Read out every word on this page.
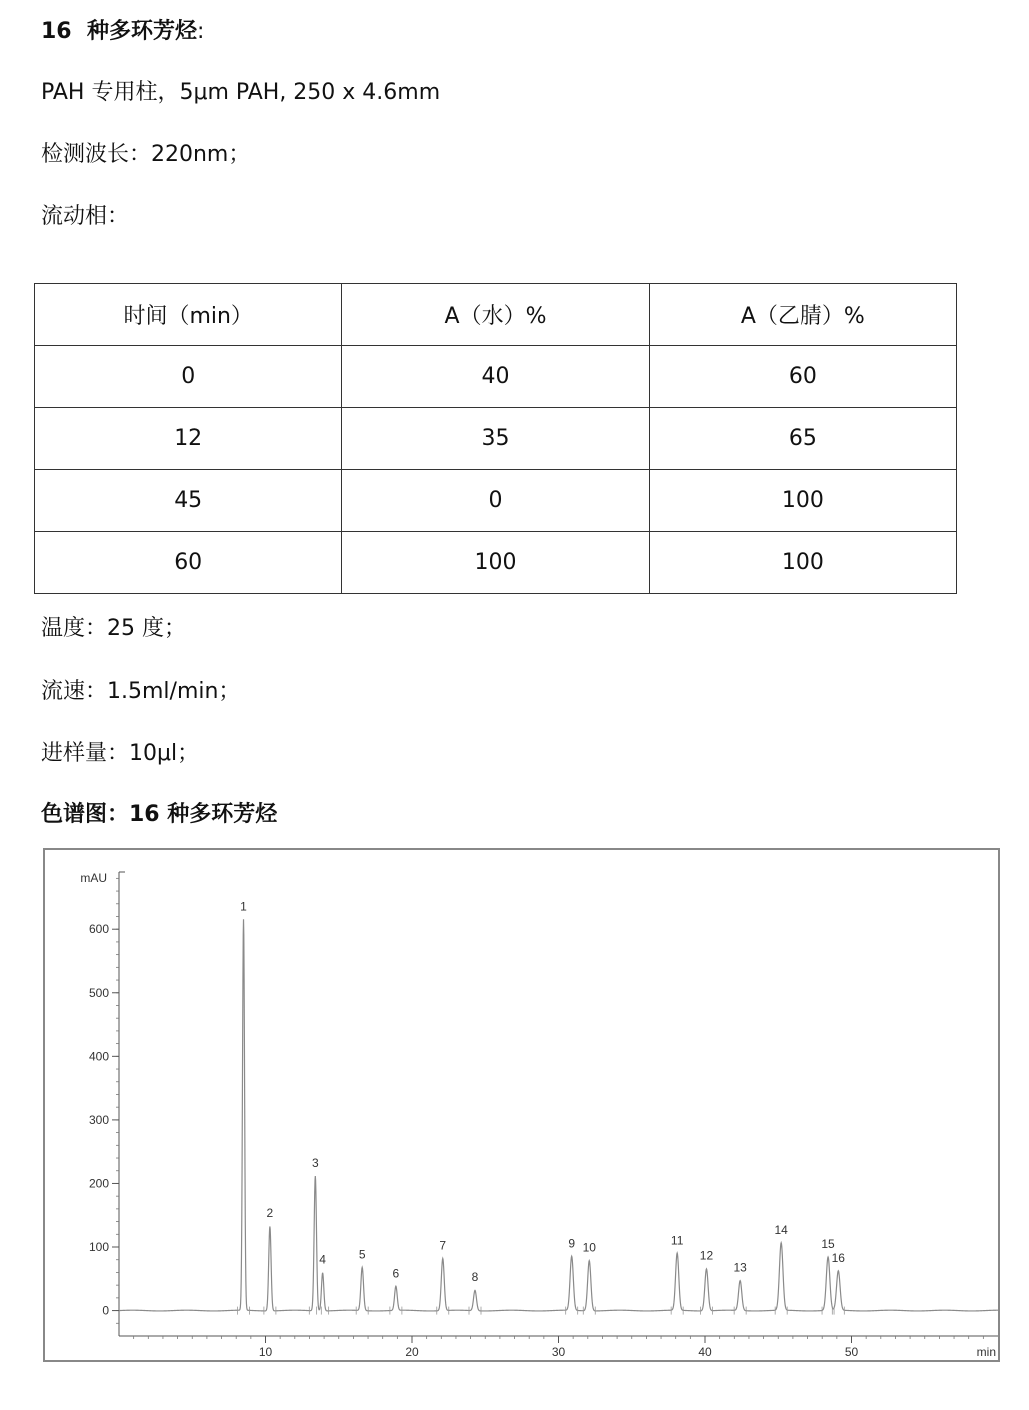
16 种多环芳烃:
PAH 专用柱，5μm PAH, 250 x 4.6mm
检测波长：220nm；
流动相：
时间（min）	A（水）%	A（乙腈）%
0	40	60
12	35	65
45	0	100
60	100	100
温度：25 度；
流速：1.5ml/min；
进样量：10μl；
色谱图：16 种多环芳烃
0
100
200
300
400
500
600
mAU
10	20	30	40	50	min
1
2
3
4	5
6
7
8
9 10	11
12
13
14
15
16
